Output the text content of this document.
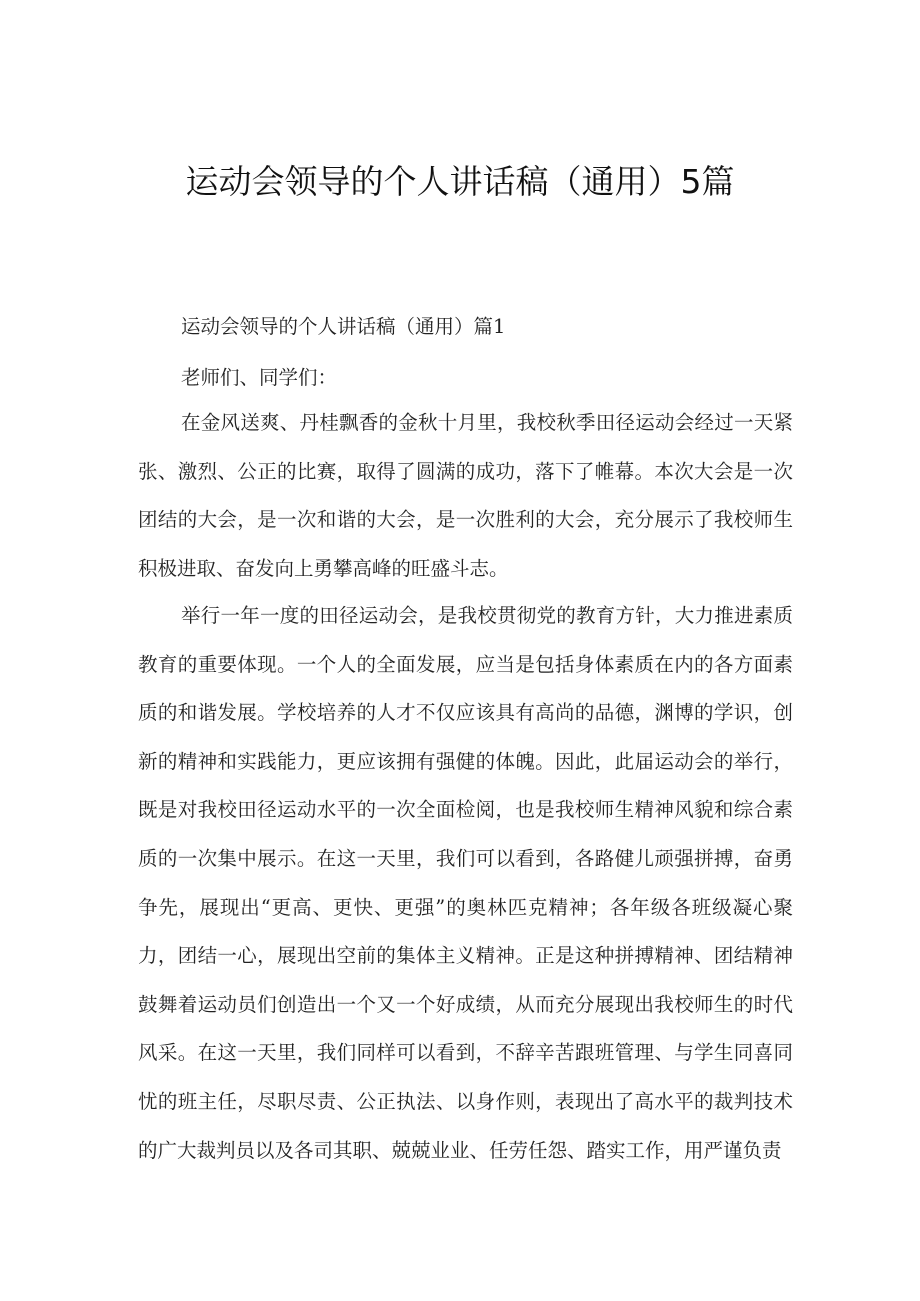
运动会领导的个人讲话稿（通用）5篇

运动会领导的个人讲话稿（通用）篇1

老师们、同学们：

在金风送爽、丹桂飘香的金秋十月里，我校秋季田径运动会经过一天紧张、激烈、公正的比赛，取得了圆满的成功，落下了帷幕。本次大会是一次团结的大会，是一次和谐的大会，是一次胜利的大会，充分展示了我校师生积极进取、奋发向上勇攀高峰的旺盛斗志。

举行一年一度的田径运动会，是我校贯彻党的教育方针，大力推进素质教育的重要体现。一个人的全面发展，应当是包括身体素质在内的各方面素质的和谐发展。学校培养的人才不仅应该具有高尚的品德，渊博的学识，创新的精神和实践能力，更应该拥有强健的体魄。因此，此届运动会的举行，既是对我校田径运动水平的一次全面检阅，也是我校师生精神风貌和综合素质的一次集中展示。在这一天里，我们可以看到，各路健儿顽强拼搏，奋勇争先，展现出“更高、更快、更强”的奥林匹克精神；各年级各班级凝心聚力，团结一心，展现出空前的集体主义精神。正是这种拼搏精神、团结精神鼓舞着运动员们创造出一个又一个好成绩，从而充分展现出我校师生的时代风采。在这一天里，我们同样可以看到，不辞辛苦跟班管理、与学生同喜同忧的班主任，尽职尽责、公正执法、以身作则，表现出了高水平的裁判技术的广大裁判员以及各司其职、兢兢业业、任劳任怨、踏实工作，用严谨负责
